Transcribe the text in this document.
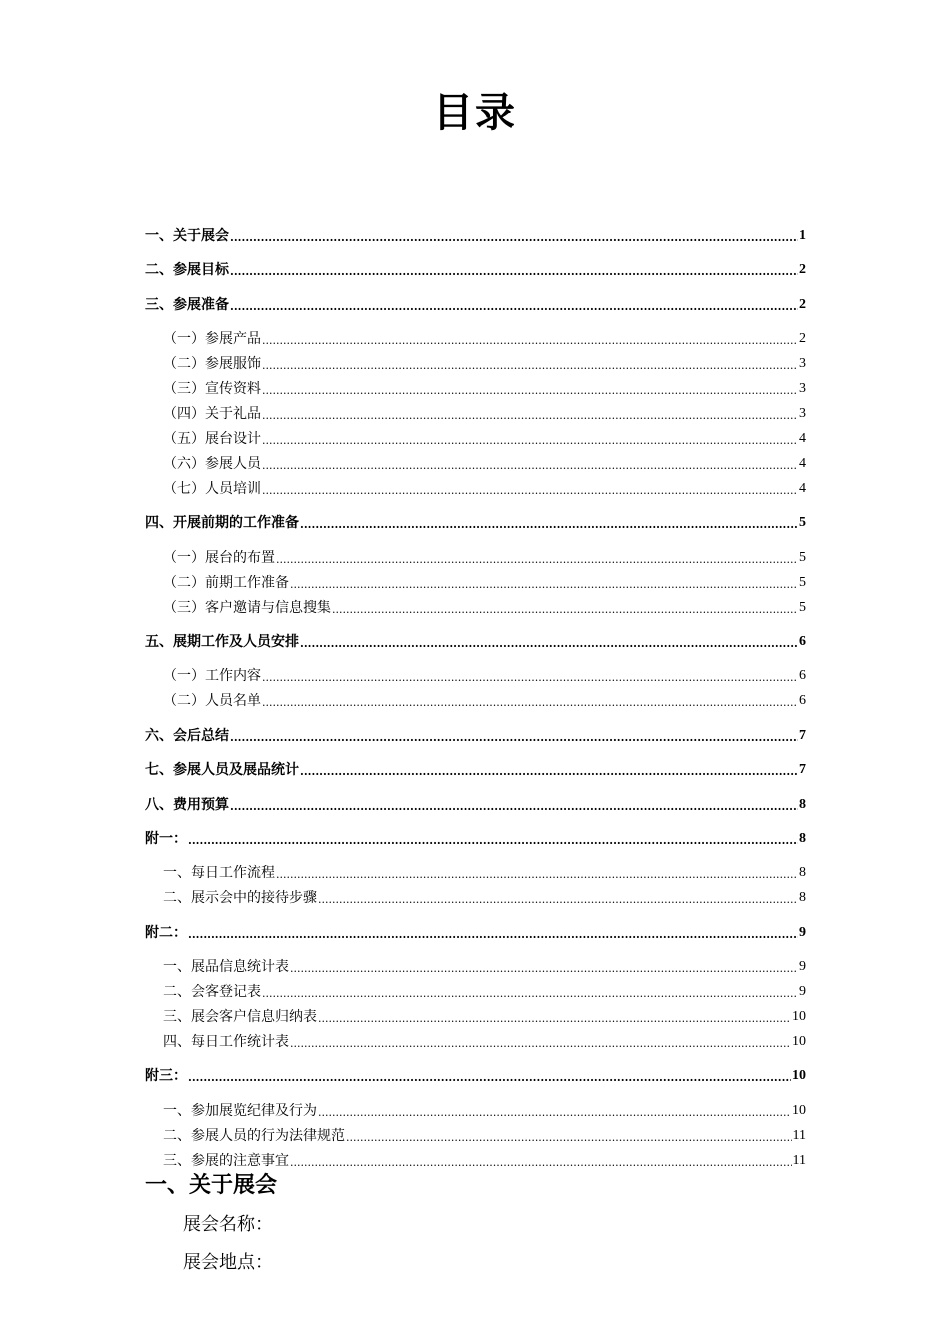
目录
一、关于展会 .....	1
二、参展目标 .....	2
三、参展准备 .....	2
（一）参展产品 .....	2
（二）参展服饰 .....	3
（三）宣传资料 .....	3
（四）关于礼品 .....	3
（五）展台设计 .....	4
（六）参展人员 .....	4
（七）人员培训 .....	4
四、开展前期的工作准备 .....	5
（一）展台的布置 .....	5
（二）前期工作准备 .....	5
（三）客户邀请与信息搜集 .....	5
五、展期工作及人员安排 .....	6
（一）工作内容 .....	6
（二）人员名单 .....	6
六、会后总结 .....	7
七、参展人员及展品统计 .....	7
八、费用预算 .....	8
附一： .....	8
一、每日工作流程 .....	8
二、展示会中的接待步骤 .....	8
附二： .....	9
一、展品信息统计表 .....	9
二、会客登记表 .....	9
三、展会客户信息归纳表 .....	10
四、每日工作统计表 .....	10
附三： .....	10
一、参加展览纪律及行为 .....	10
二、参展人员的行为法律规范 .....	11
三、参展的注意事宜 .....	11
一、关于展会
展会名称：
展会地点：
